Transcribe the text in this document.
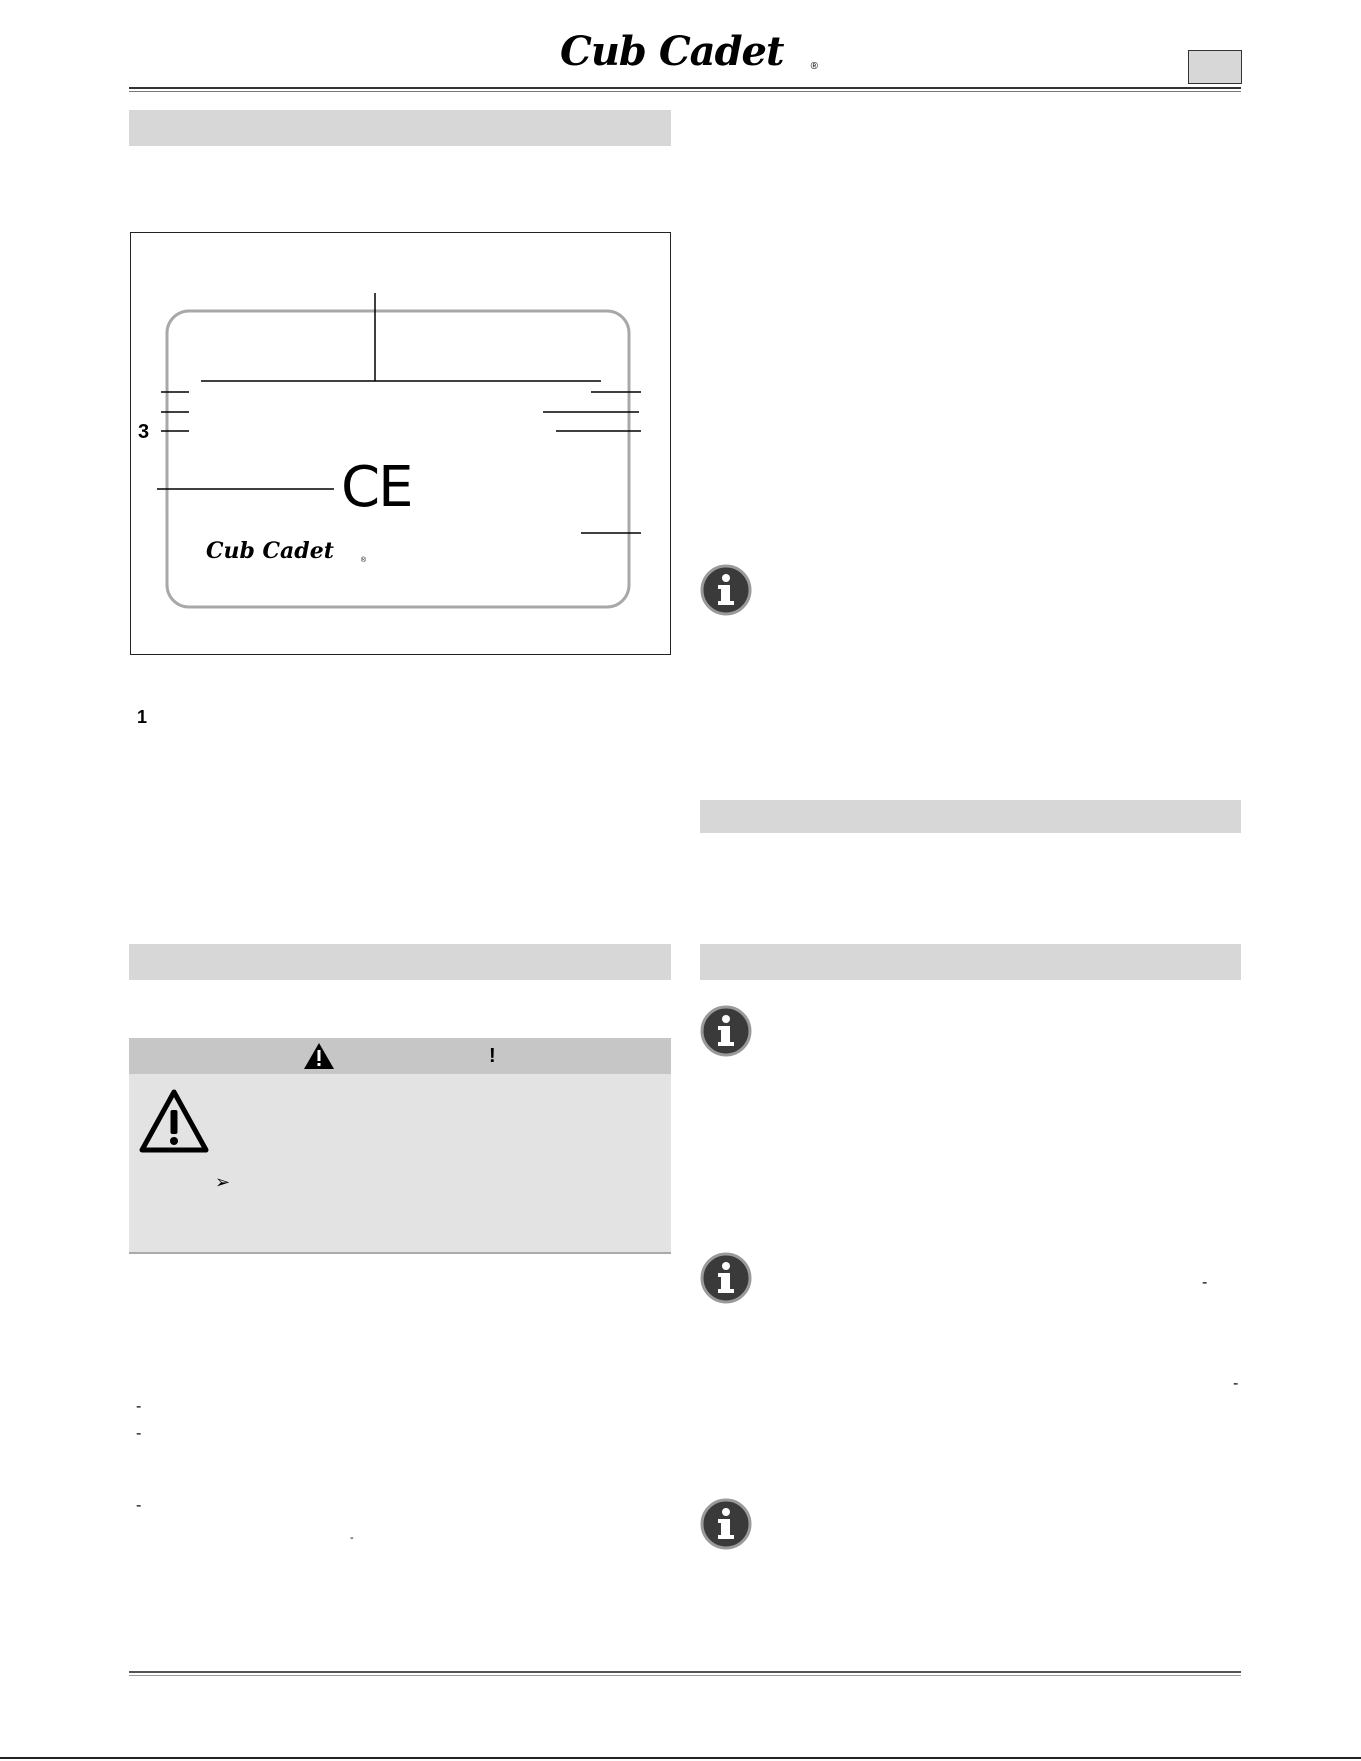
Cub Cadet	®
3
CE
Cub Cadet	®
1
!
➢
-
-
-
-
-
-
